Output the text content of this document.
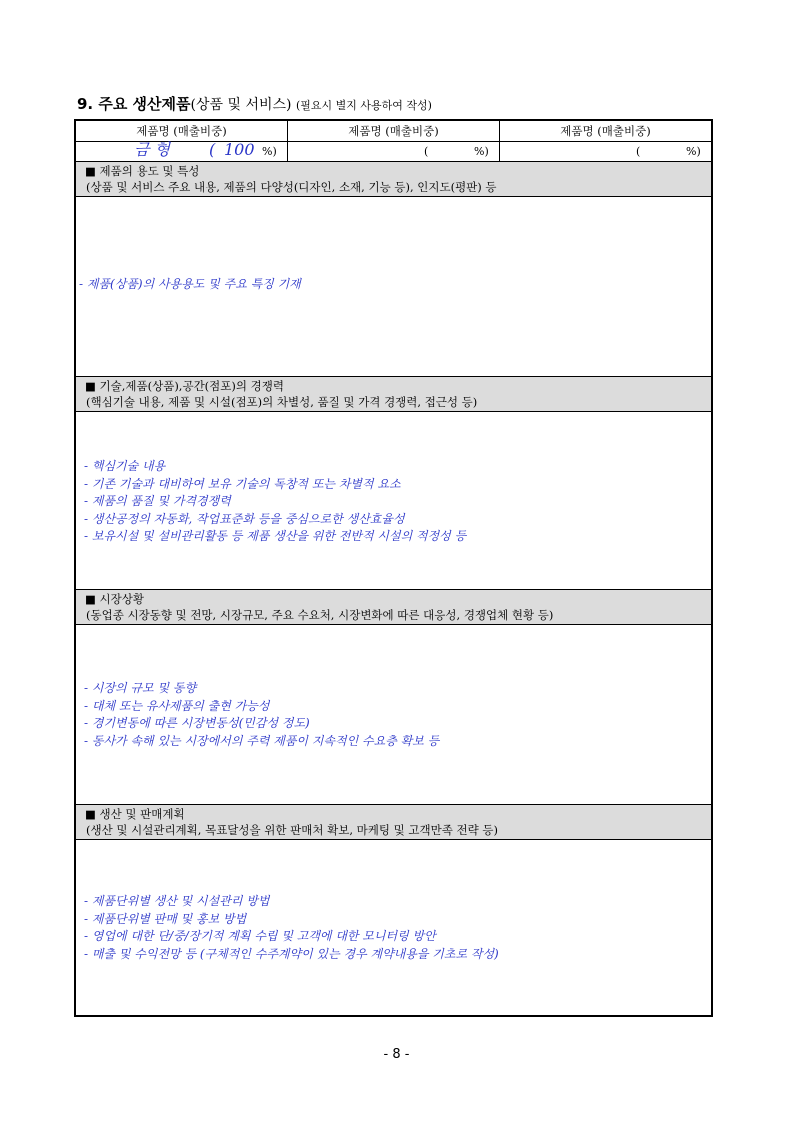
9. 주요 생산제품(상품 및 서비스) (필요시 별지 사용하여 작성)
제품명 (매출비중)	제품명 (매출비중)	제품명 (매출비중)
금 형 ( 100 %)	(	%)	(	%)
■ 제품의 용도 및 특성
(상품 및 서비스 주요 내용, 제품의 다양성(디자인, 소재, 기능 등), 인지도(평판) 등
- 제품(상품)의 사용용도 및 주요 특징 기재
■ 기술,제품(상품),공간(점포)의 경쟁력
(핵심기술 내용, 제품 및 시설(점포)의 차별성, 품질 및 가격 경쟁력, 접근성 등)
- 핵심기술 내용
- 기존 기술과 대비하여 보유 기술의 독창적 또는 차별적 요소
- 제품의 품질 및 가격경쟁력
- 생산공정의 자동화, 작업표준화 등을 중심으로한 생산효율성
- 보유시설 및 설비관리활동 등 제품 생산을 위한 전반적 시설의 적정성 등
■ 시장상황
(동업종 시장동향 및 전망, 시장규모, 주요 수요처, 시장변화에 따른 대응성, 경쟁업체 현황 등)
- 시장의 규모 및 동향
- 대체 또는 유사제품의 출현 가능성
- 경기변동에 따른 시장변동성(민감성 정도)
- 동사가 속해 있는 시장에서의 주력 제품이 지속적인 수요층 확보 등
■ 생산 및 판매계획
(생산 및 시설관리계획, 목표달성을 위한 판매처 확보, 마케팅 및 고객만족 전략 등)
- 제품단위별 생산 및 시설관리 방법
- 제품단위별 판매 및 홍보 방법
- 영업에 대한 단/중/장기적 계획 수립 및 고객에 대한 모니터링 방안
- 매출 및 수익전망 등 (구체적인 수주계약이 있는 경우 계약내용을 기초로 작성)
- 8 -
